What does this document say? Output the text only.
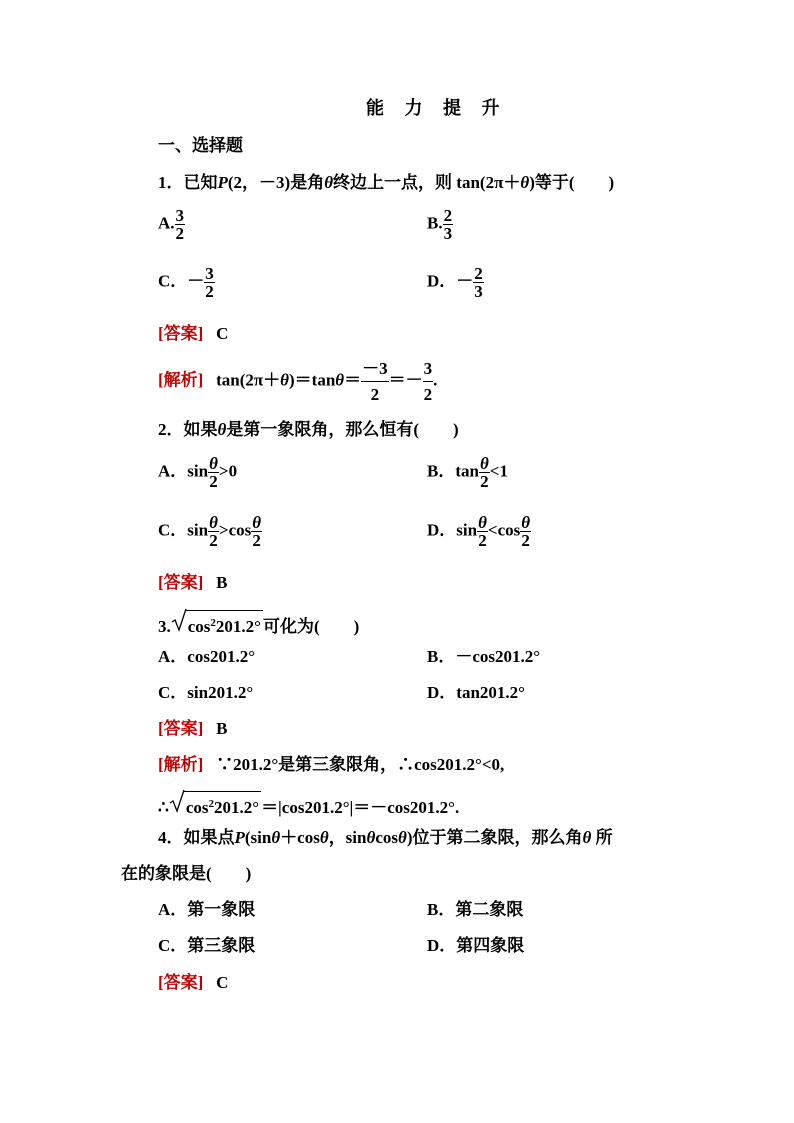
能 力 提 升
一、选择题
1．已知P(2，－3)是角θ终边上一点，则 tan(2π＋θ)等于(　　)
A. $\frac{3}{2}$	B. $\frac{2}{3}$
C．－ $\frac{3}{2}$	D．－ $\frac{2}{3}$
[答案] C
[解析] $\tan(2\pi+\theta)=\tan\theta= \frac{-3}{2} =- \frac{3}{2}$ .
2．如果θ是第一象限角，那么恒有(　　)
A．$\sin \frac{\theta}{2} >0$	B．$\tan \frac{\theta}{2} <1$
C．$\sin \frac{\theta}{2} >\cos \frac{\theta}{2}$	D．$\sin \frac{\theta}{2} <\cos \frac{\theta}{2}$
[答案] B
3. $\cos^2201.2^\circ$ 可化为(　　)
A．cos201.2°	B．－cos201.2°
C．sin201.2°	D．tan201.2°
[答案] B
[解析] ∵201.2°是第三象限角，∴cos201.2°<0,
∴ $\cos^2201.2^\circ =|\cos 201.2^\circ|=-\cos 201.2^\circ$.
4．如果点P(sinθ＋cosθ，sinθcosθ)位于第二象限，那么角θ 所
在的象限是(　　)
A．第一象限	B．第二象限
C．第三象限	D．第四象限
[答案] C
